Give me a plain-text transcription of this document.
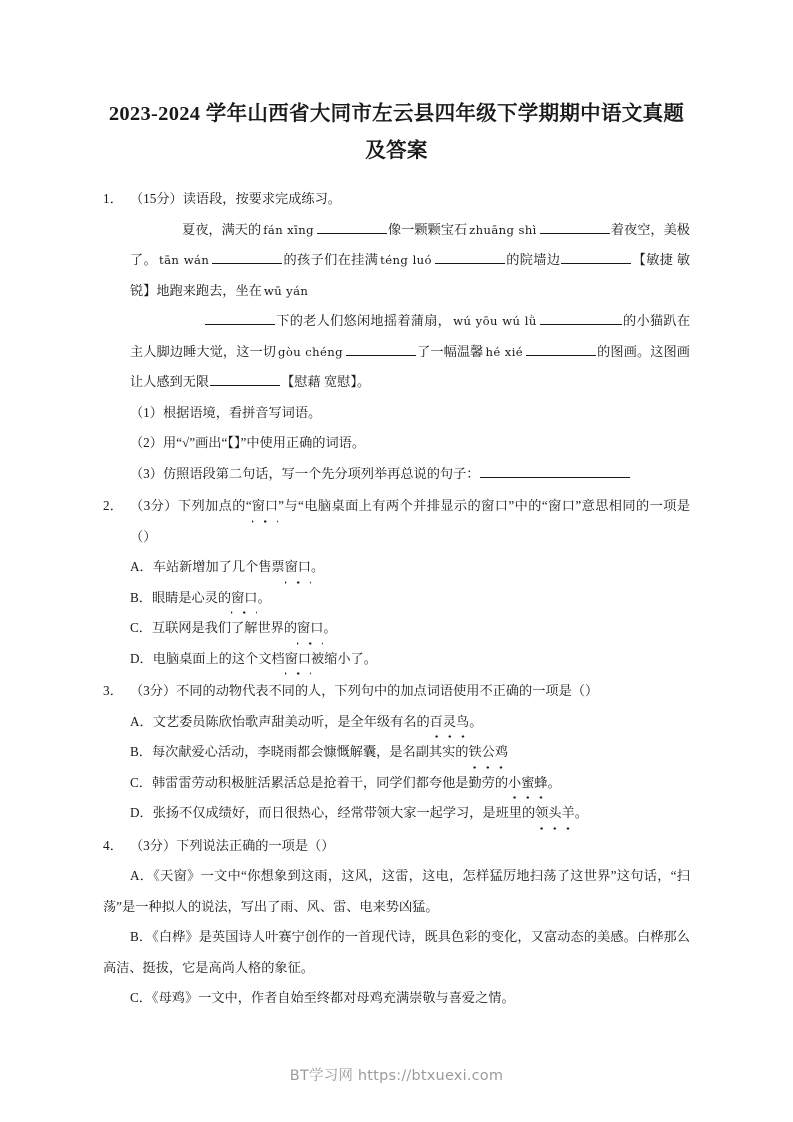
2023-2024 学年山西省大同市左云县四年级下学期期中语文真题及答案

1． （15分）读语段，按要求完成练习。

夏夜，满天的 fán xīng	像一颗颗宝石 zhuāng shì	着夜空，美极了。 tān wán	的孩子们在挂满 téng luó	的院墙边	【敏捷 敏锐】地跑来跑去，坐在 wū yán

下的老人们悠闲地摇着蒲扇， wú yōu wú lǜ	的小猫趴在主人脚边睡大觉，这一切 gòu chéng	了一幅温馨 hé xié	的图画。这图画让人感到无限	【慰藉 宽慰】。

（1）根据语境，看拼音写词语。

（2）用“√”画出“【】”中使用正确的词语。

（3）仿照语段第二句话，写一个先分项列举再总说的句子：

2． （3分）下列加点的“窗口”与“电脑桌面上有两个并排显示的窗口”中的“窗口”意思相同的一项是（）

A．车站新增加了几个售票窗口。

B．眼睛是心灵的窗口。

C．互联网是我们了解世界的窗口。

D．电脑桌面上的这个文档窗口被缩小了。

3． （3分）不同的动物代表不同的人，下列句中的加点词语使用不正确的一项是（）

A．文艺委员陈欣怡歌声甜美动听，是全年级有名的百灵鸟。

B．每次献爱心活动，李晓雨都会慷慨解囊，是名副其实的铁公鸡

C．韩雷雷劳动积极脏活累活总是抢着干，同学们都夸他是勤劳的小蜜蜂。

D．张扬不仅成绩好，而日很热心，经常带领大家一起学习，是班里的领头羊。

4． （3分）下列说法正确的一项是（）

A．《天窗》一文中“你想象到这雨，这风，这雷，这电，怎样猛厉地扫荡了这世界”这句话，“扫荡”是一种拟人的说法，写出了雨、风、雷、电来势凶猛。

B．《白桦》是英国诗人叶赛宁创作的一首现代诗，既具色彩的变化，又富动态的美感。白桦那么高洁、挺拔，它是高尚人格的象征。

C．《母鸡》一文中，作者自始至终都对母鸡充满崇敬与喜爱之情。

BT学习网 https://btxuexi.com
